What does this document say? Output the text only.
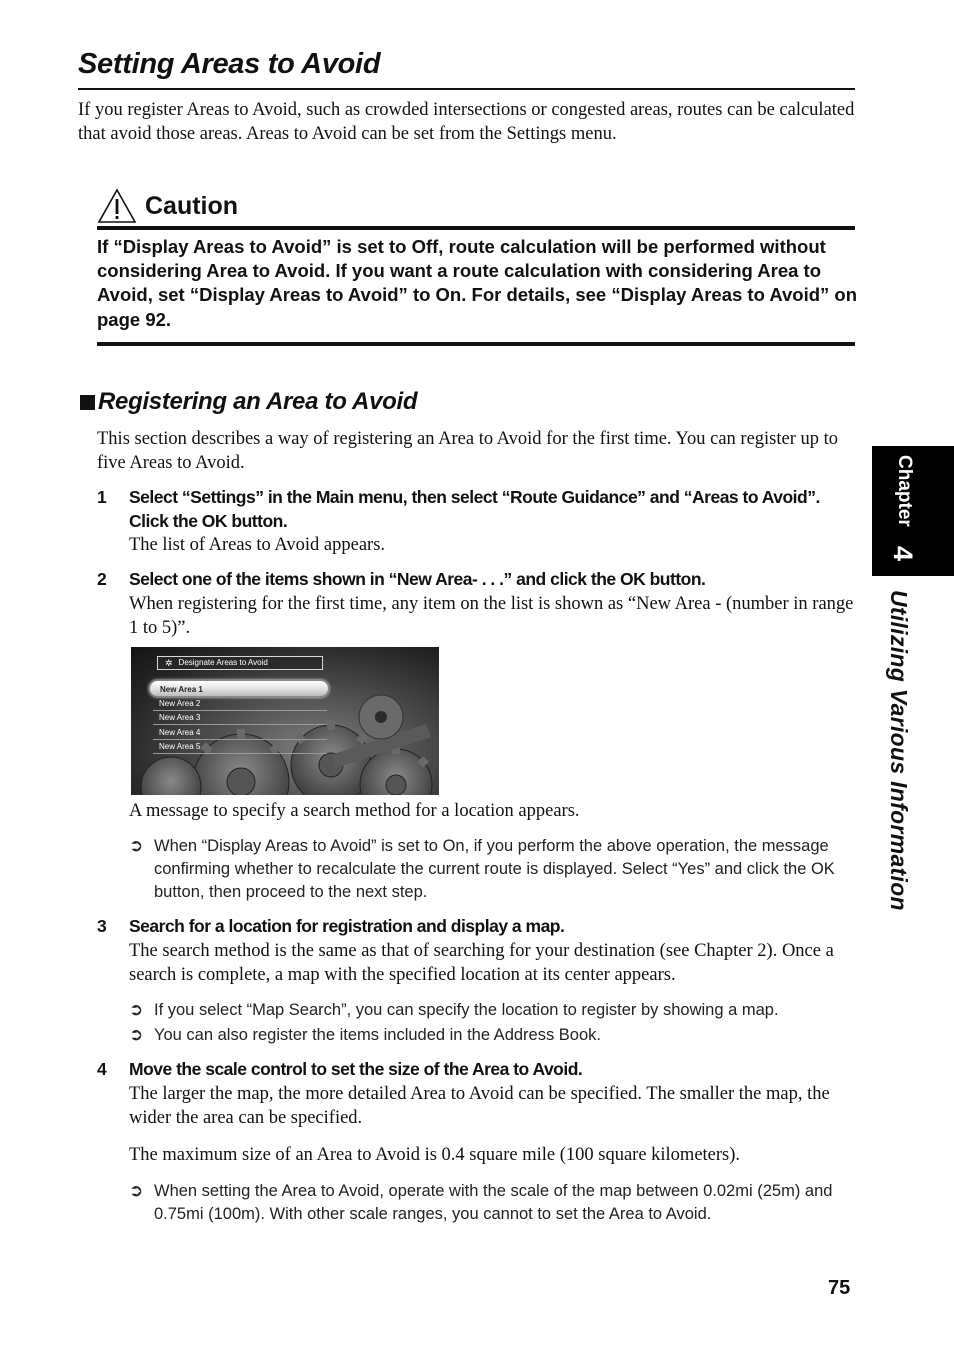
Setting Areas to Avoid
If you register Areas to Avoid, such as crowded intersections or congested areas, routes can be calculated that avoid those areas. Areas to Avoid can be set from the Settings menu.
Caution
If “Display Areas to Avoid” is set to Off, route calculation will be performed without considering Area to Avoid. If you want a route calculation with considering Area to Avoid, set “Display Areas to Avoid” to On. For details, see “Display Areas to Avoid” on page 92.
Registering an Area to Avoid
This section describes a way of registering an Area to Avoid for the first time. You can register up to five Areas to Avoid.
1 Select “Settings” in the Main menu, then select “Route Guidance” and “Areas to Avoid”. Click the OK button.
The list of Areas to Avoid appears.
2 Select one of the items shown in “New Area- . . .” and click the OK button.
When registering for the first time, any item on the list is shown as “New Area - (number in range 1 to 5)”.
✲ Designate Areas to Avoid
New Area 1
New Area 2
New Area 3
New Area 4
New Area 5
A message to specify a search method for a location appears.
➲ When “Display Areas to Avoid” is set to On, if you perform the above operation, the message confirming whether to recalculate the current route is displayed. Select “Yes” and click the OK button, then proceed to the next step.
3 Search for a location for registration and display a map.
The search method is the same as that of searching for your destination (see Chapter 2). Once a search is complete, a map with the specified location at its center appears.
➲ If you select “Map Search”, you can specify the location to register by showing a map.
➲ You can also register the items included in the Address Book.
4 Move the scale control to set the size of the Area to Avoid.
The larger the map, the more detailed Area to Avoid can be specified. The smaller the map, the wider the area can be specified.
The maximum size of an Area to Avoid is 0.4 square mile (100 square kilometers).
➲ When setting the Area to Avoid, operate with the scale of the map between 0.02mi (25m) and 0.75mi (100m). With other scale ranges, you cannot to set the Area to Avoid.
Chapter
4
Utilizing Various Information
75
